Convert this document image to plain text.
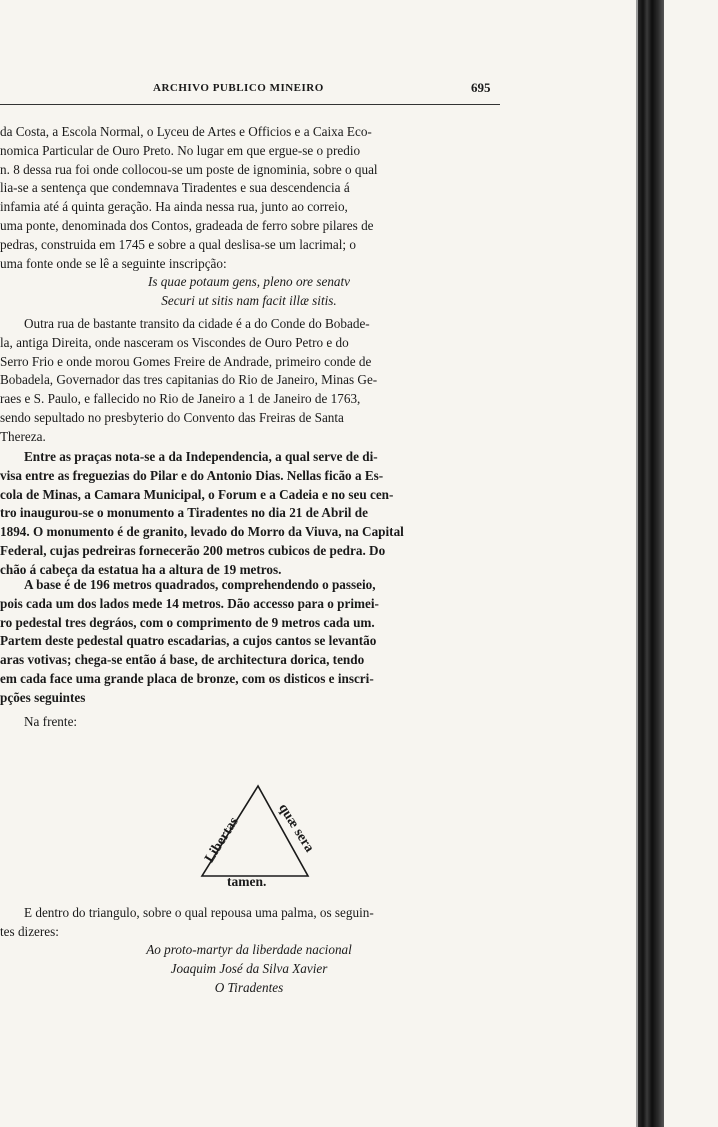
ARCHIVO PUBLICO MINEIRO	695
da Costa, a Escola Normal, o Lyceu de Artes e Officios e a Caixa Eco-
nomica Particular de Ouro Preto. No lugar em que ergue-se o predio
n. 8 dessa rua foi onde collocou-se um poste de ignominia, sobre o qual
lia-se a sentença que condemnava Tiradentes e sua descendencia á
infamia até á quinta geração. Ha ainda nessa rua, junto ao correio,
uma ponte, denominada dos Contos, gradeada de ferro sobre pilares de
pedras, construida em 1745 e sobre a qual deslisa-se um lacrimal; o
uma fonte onde se lê a seguinte inscripção:
Is quae potaum gens, pleno ore senatv
Securi ut sitis nam facit illæ sitis.
Outra rua de bastante transito da cidade é a do Conde do Bobade-
la, antiga Direita, onde nasceram os Viscondes de Ouro Petro e do
Serro Frio e onde morou Gomes Freire de Andrade, primeiro conde de
Bobadela, Governador das tres capitanias do Rio de Janeiro, Minas Ge-
raes e S. Paulo, e fallecido no Rio de Janeiro a 1 de Janeiro de 1763,
sendo sepultado no presbyterio do Convento das Freiras de Santa
Thereza.
Entre as praças nota-se a da Independencia, a qual serve de di-
visa entre as freguezias do Pilar e do Antonio Dias. Nellas ficão a Es-
cola de Minas, a Camara Municipal, o Forum e a Cadeia e no seu cen-
tro inaugurou-se o monumento a Tiradentes no dia 21 de Abril de
1894. O monumento é de granito, levado do Morro da Viuva, na Capital
Federal, cujas pedreiras fornecerão 200 metros cubicos de pedra. Do
chão á cabeça da estatua ha a altura de 19 metros.
A base é de 196 metros quadrados, comprehendendo o passeio,
pois cada um dos lados mede 14 metros. Dão accesso para o primei-
ro pedestal tres degráos, com o comprimento de 9 metros cada um.
Partem deste pedestal quatro escadarias, a cujos cantos se levantão
aras votivas; chega-se então á base, de architectura dorica, tendo
em cada face uma grande placa de bronze, com os disticos e inscri-
pções seguintes
Na frente:
Libertas quæ sera
tamen.
E dentro do triangulo, sobre o qual repousa uma palma, os seguin-
tes dizeres:
Ao proto-martyr da liberdade nacional
Joaquim José da Silva Xavier
O Tiradentes
